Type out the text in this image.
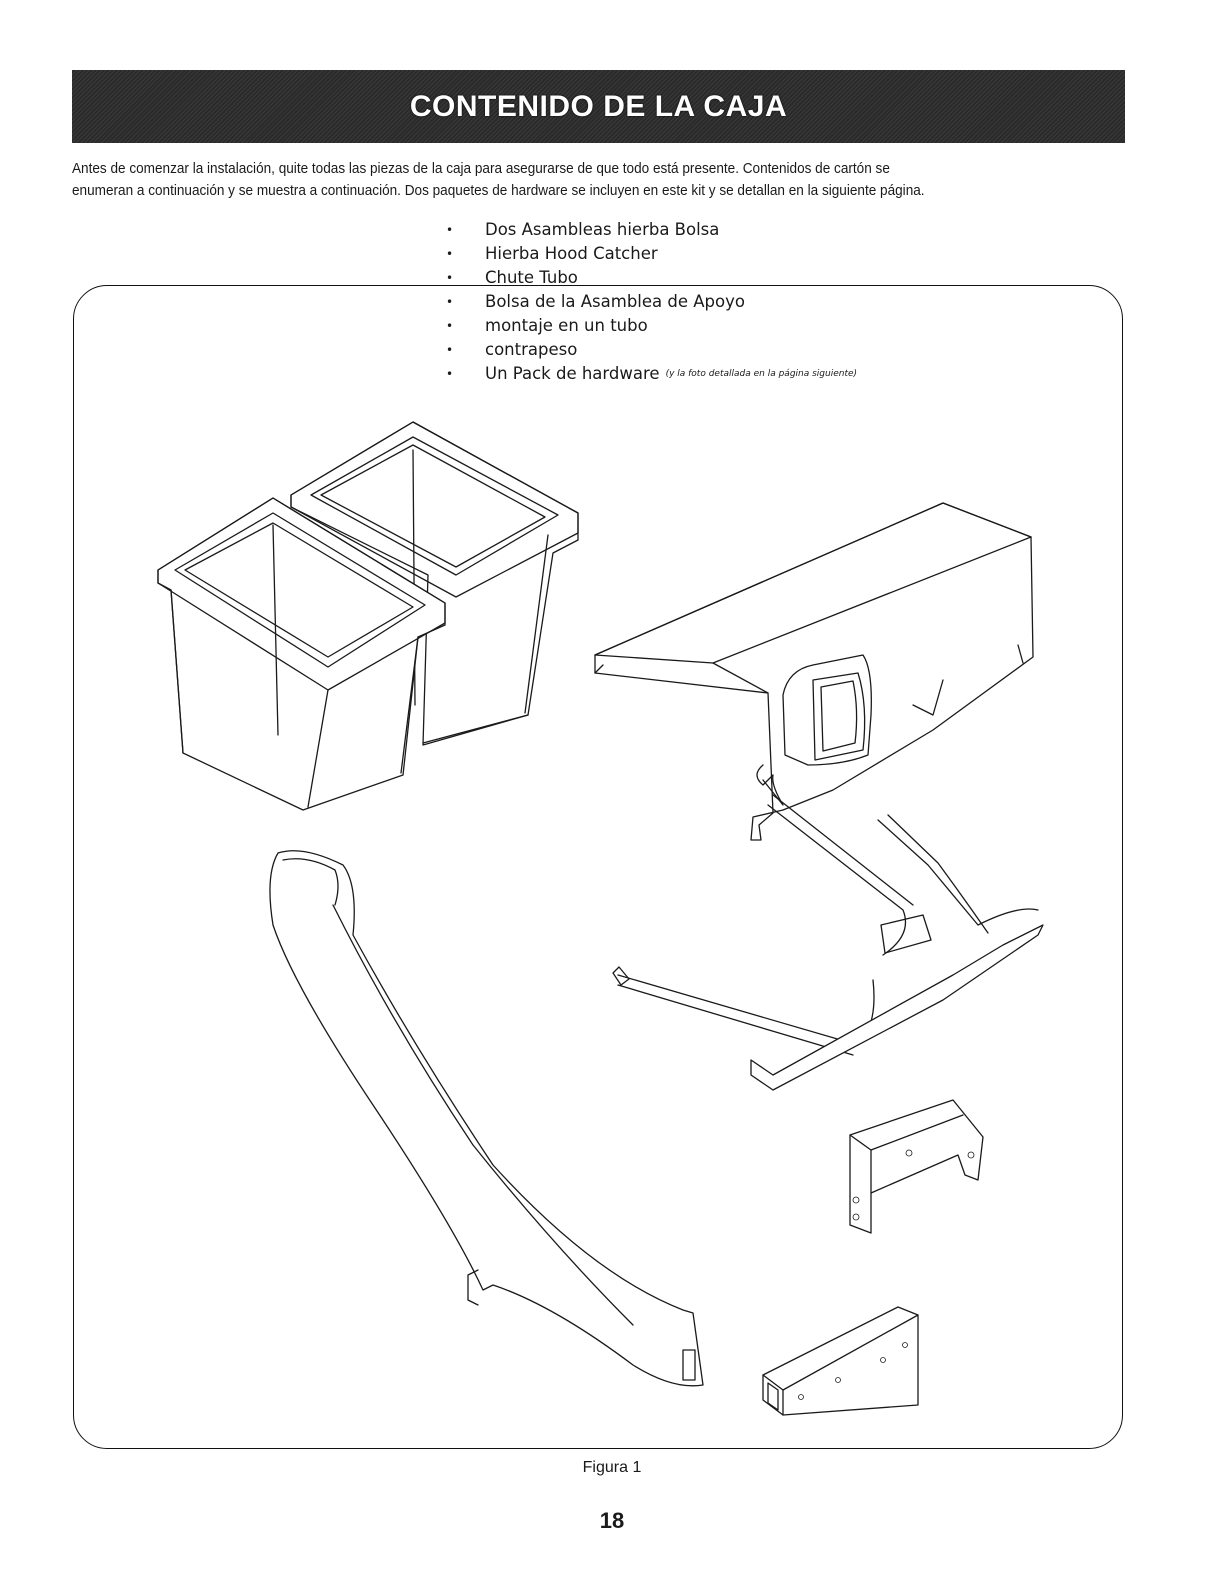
CONTENIDO DE LA CAJA

Antes de comenzar la instalación, quite todas las piezas de la caja para asegurarse de que todo está presente. Contenidos de cartón se

enumeran a continuación y se muestra a continuación. Dos paquetes de hardware se incluyen en este kit y se detallan en la siguiente página.

•	Dos Asambleas hierba Bolsa
•	Hierba Hood Catcher
•	Chute Tubo
•	Bolsa de la Asamblea de Apoyo
•	montaje en un tubo
•	contrapeso
•	Un Pack de hardware (y la foto detallada en la página siguiente)
Figura 1
18
